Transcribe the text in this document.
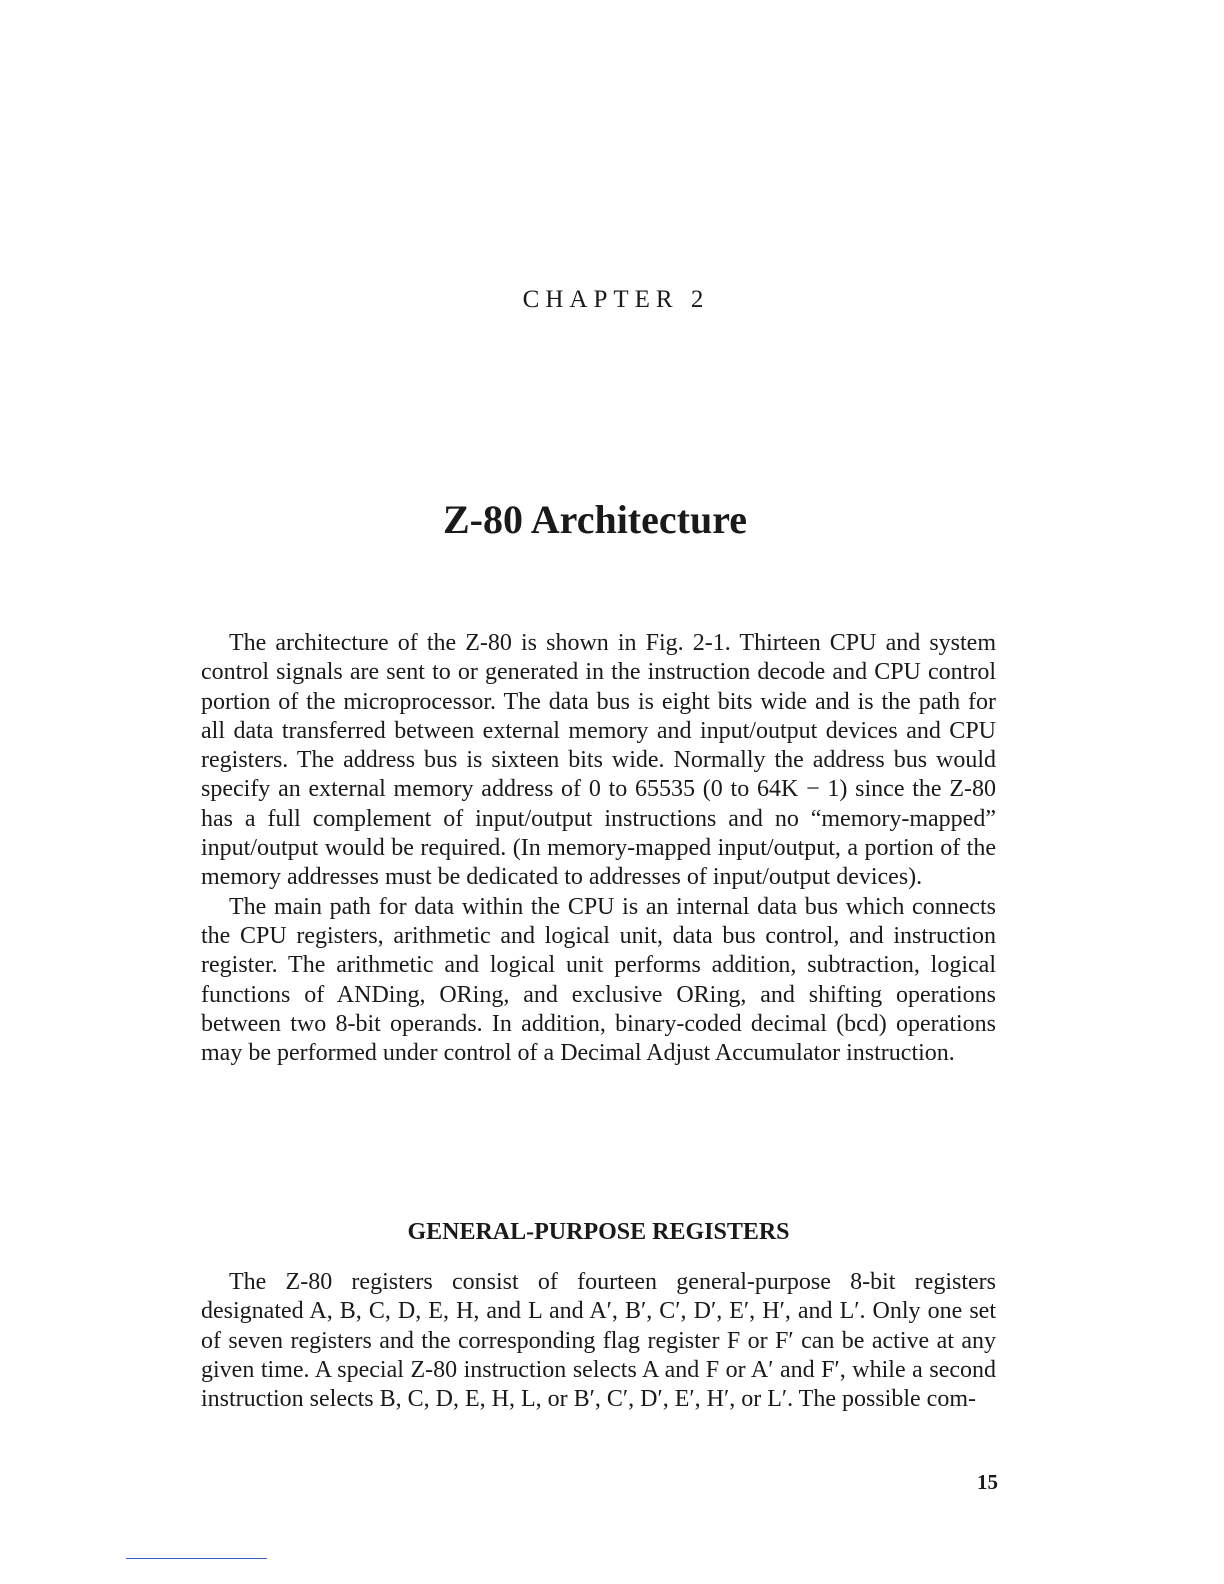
CHAPTER 2
Z-80 Architecture

The architecture of the Z-80 is shown in Fig. 2-1. Thirteen CPU and system control signals are sent to or generated in the instruction decode and CPU control portion of the microprocessor. The data bus is eight bits wide and is the path for all data transferred between external memory and input/output devices and CPU registers. The address bus is sixteen bits wide. Normally the address bus would specify an external memory address of 0 to 65535 (0 to 64K − 1) since the Z-80 has a full complement of input/output instructions and no “memory-mapped” input/output would be required. (In memory-mapped input/output, a portion of the memory addresses must be dedicated to addresses of input/output devices).

The main path for data within the CPU is an internal data bus which connects the CPU registers, arithmetic and logical unit, data bus control, and instruction register. The arithmetic and logical unit performs addition, subtraction, logical functions of ANDing, ORing, and exclusive ORing, and shifting operations between two 8-bit operands. In addition, binary-coded decimal (bcd) operations may be performed under control of a Decimal Adjust Accumulator instruction.

GENERAL-PURPOSE REGISTERS

The Z-80 registers consist of fourteen general-purpose 8-bit registers designated A, B, C, D, E, H, and L and A′, B′, C′, D′, E′, H′, and L′. Only one set of seven registers and the corresponding flag register F or F′ can be active at any given time. A special Z-80 instruction selects A and F or A′ and F′, while a second instruction selects B, C, D, E, H, L, or B′, C′, D′, E′, H′, or L′. The possible com-

15
